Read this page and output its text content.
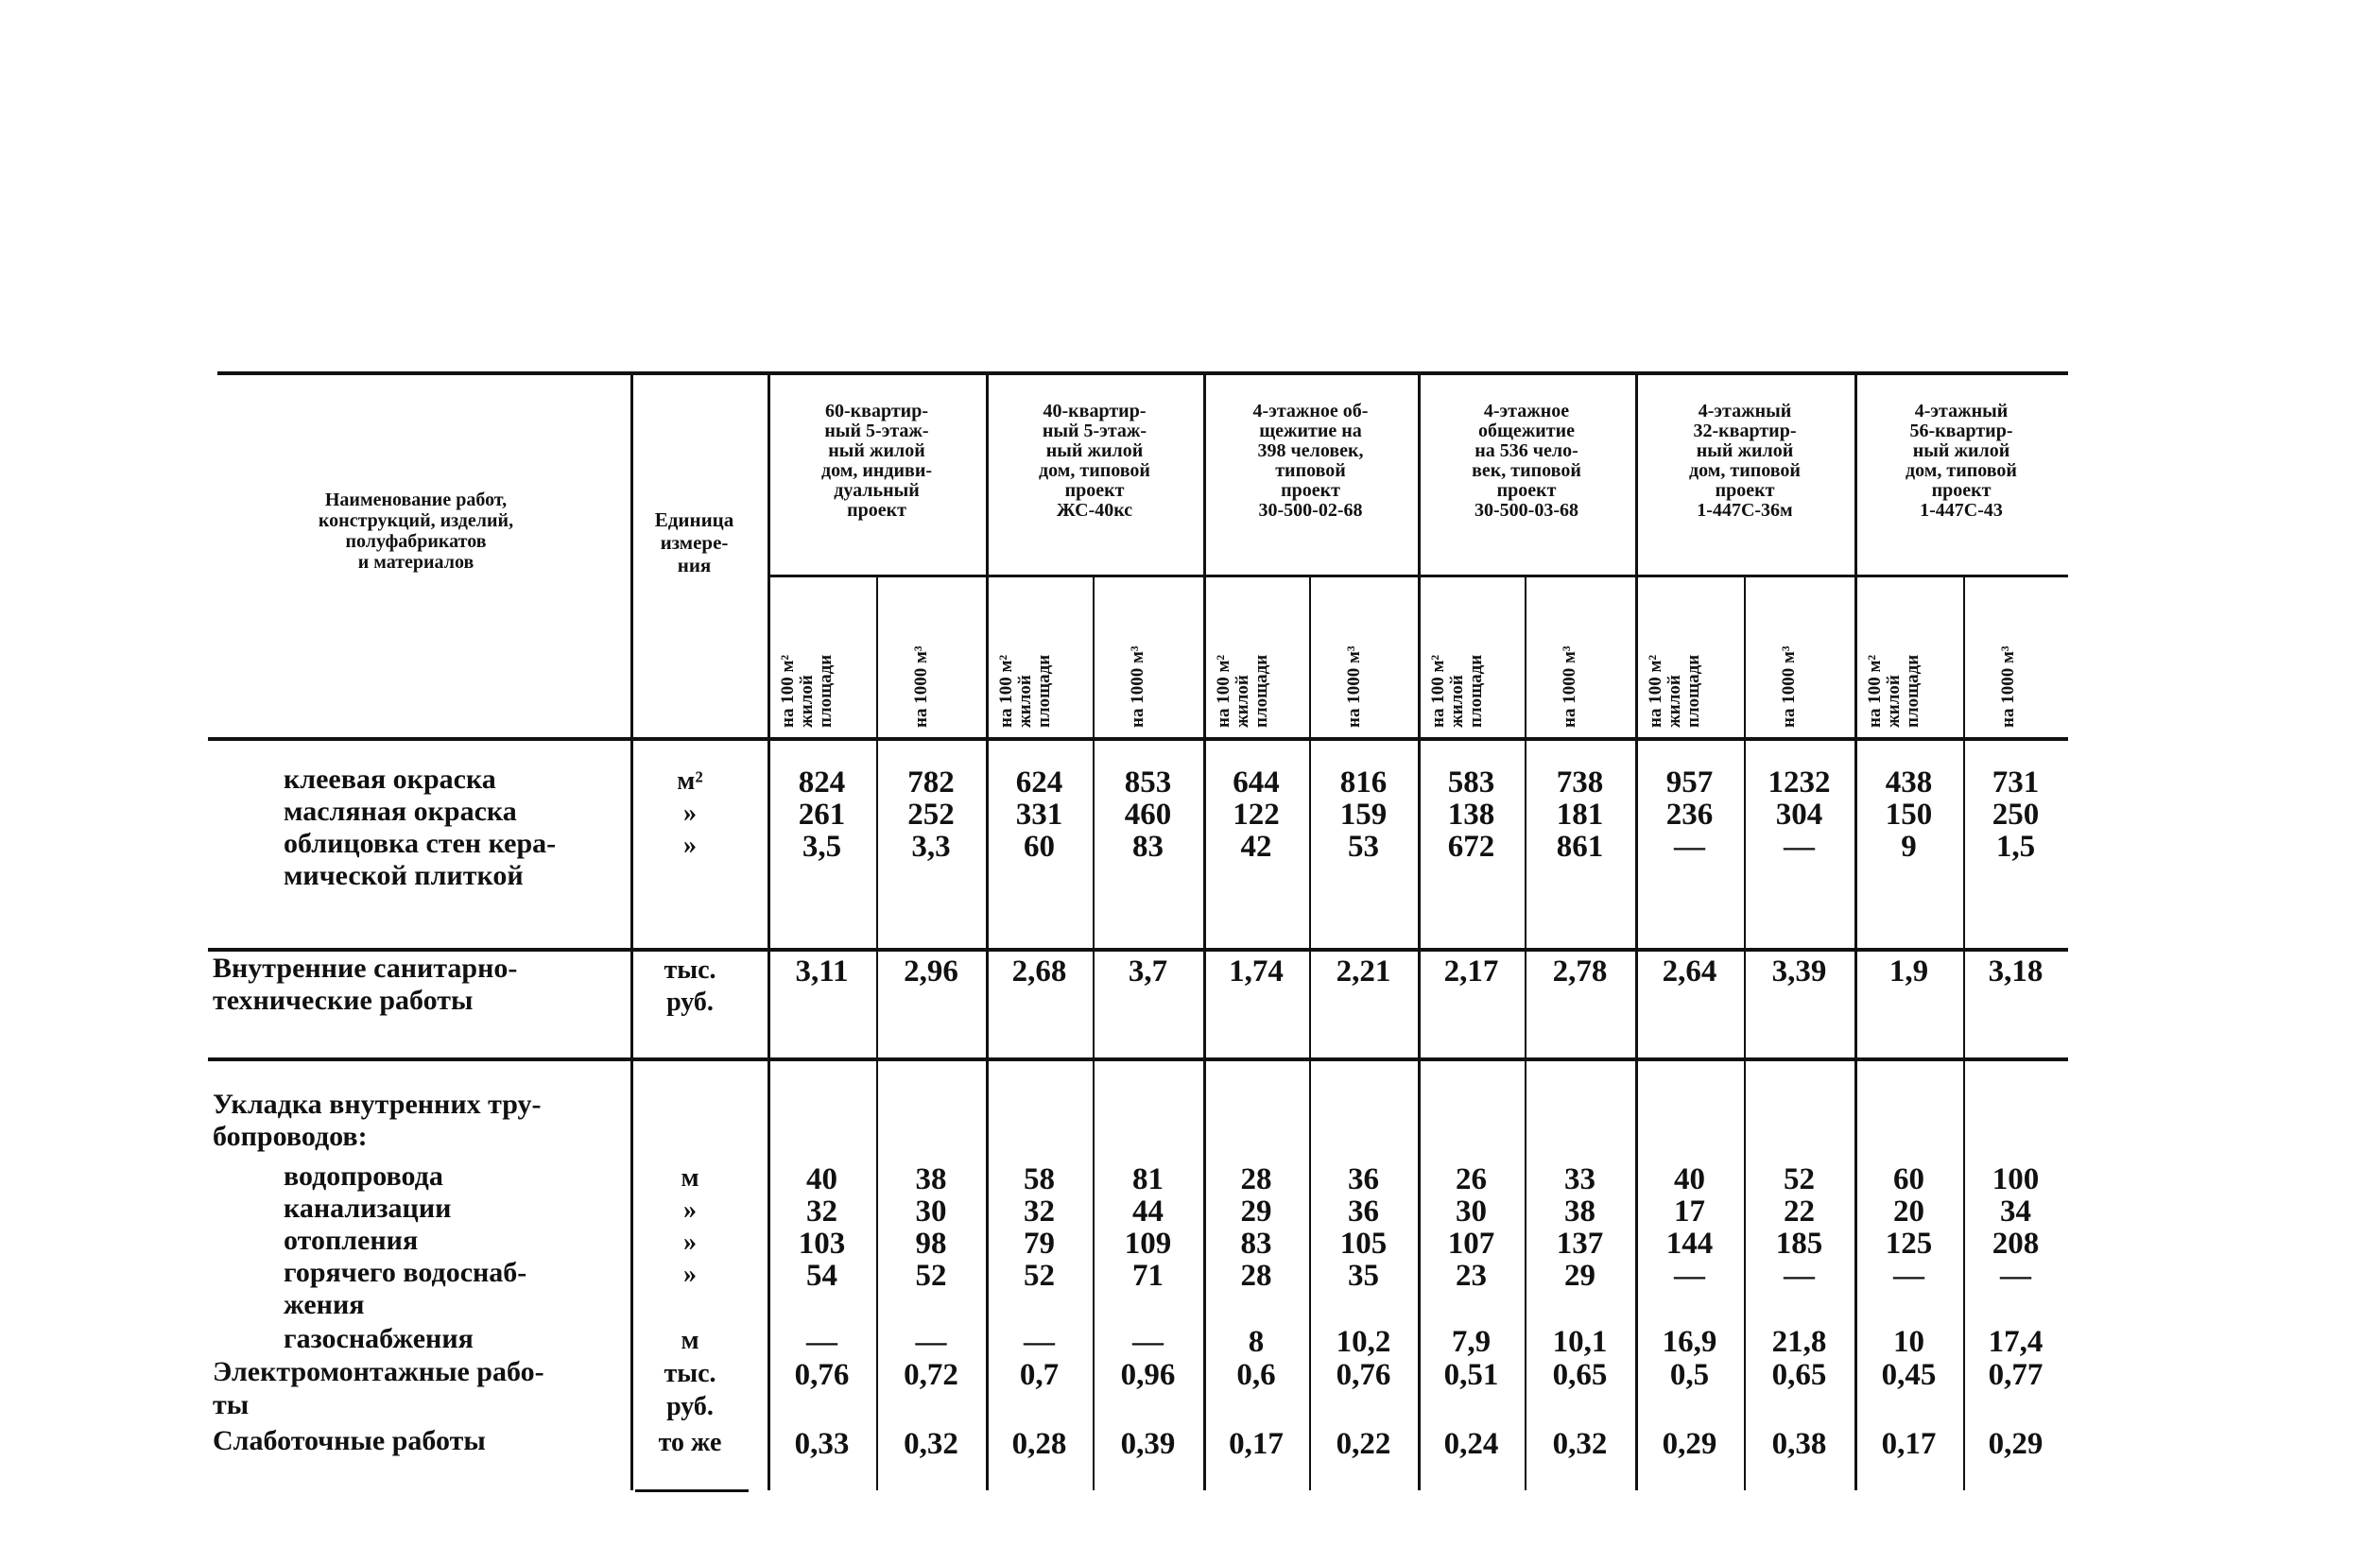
Наименование работ,
конструкций, изделий,
полуфабрикатов
и материалов
Единица
измере-
ния
60-квартир-
ный 5-этаж-
ный жилой
дом, индиви-
дуальный
проект
на 100 м² жилой площади	на 1000 м³
40-квартир-
ный 5-этаж-
ный жилой
дом, типовой
проект
ЖС-40кс
на 100 м² жилой площади	на 1000 м³
4-этажное об-
щежитие на
398 человек,
типовой
проект
30-500-02-68
на 100 м² жилой площади	на 1000 м³
4-этажное
общежитие
на 536 чело-
век, типовой
проект
30-500-03-68
на 100 м² жилой площади	на 1000 м³
4-этажный
32-квартир-
ный жилой
дом, типовой
проект
1-447С-36м
на 100 м² жилой площади	на 1000 м³
4-этажный
56-квартир-
ный жилой
дом, типовой
проект
1-447С-43
на 100 м² жилой площади	на 1000 м³
клеевая окраска	м²	824	782	624	853	644	816	583	738	957	1232	438	731
масляная окраска	»	261	252	331	460	122	159	138	181	236	304	150	250
облицовка стен кера-	»	3,5	3,3	60	83	42	53	672	861	—	—	9	1,5
мической плиткой
Внутренние санитарно-	тыс.	3,11	2,96	2,68	3,7	1,74	2,21	2,17	2,78	2,64	3,39	1,9	3,18
технические работы	руб.
Укладка внутренних тру-
бопроводов:
водопровода	м	40	38	58	81	28	36	26	33	40	52	60	100
канализации	»	32	30	32	44	29	36	30	38	17	22	20	34
отопления	»	103	98	79	109	83	105	107	137	144	185	125	208
горячего водоснаб-	»	54	52	52	71	28	35	23	29	—	—	—	—
жения
газоснабжения	м	—	—	—	—	8	10,2	7,9	10,1	16,9	21,8	10	17,4
Электромонтажные рабо-	тыс.	0,76	0,72	0,7	0,96	0,6	0,76	0,51	0,65	0,5	0,65	0,45	0,77
ты	руб.
Слаботочные работы	то же	0,33	0,32	0,28	0,39	0,17	0,22	0,24	0,32	0,29	0,38	0,17	0,29
